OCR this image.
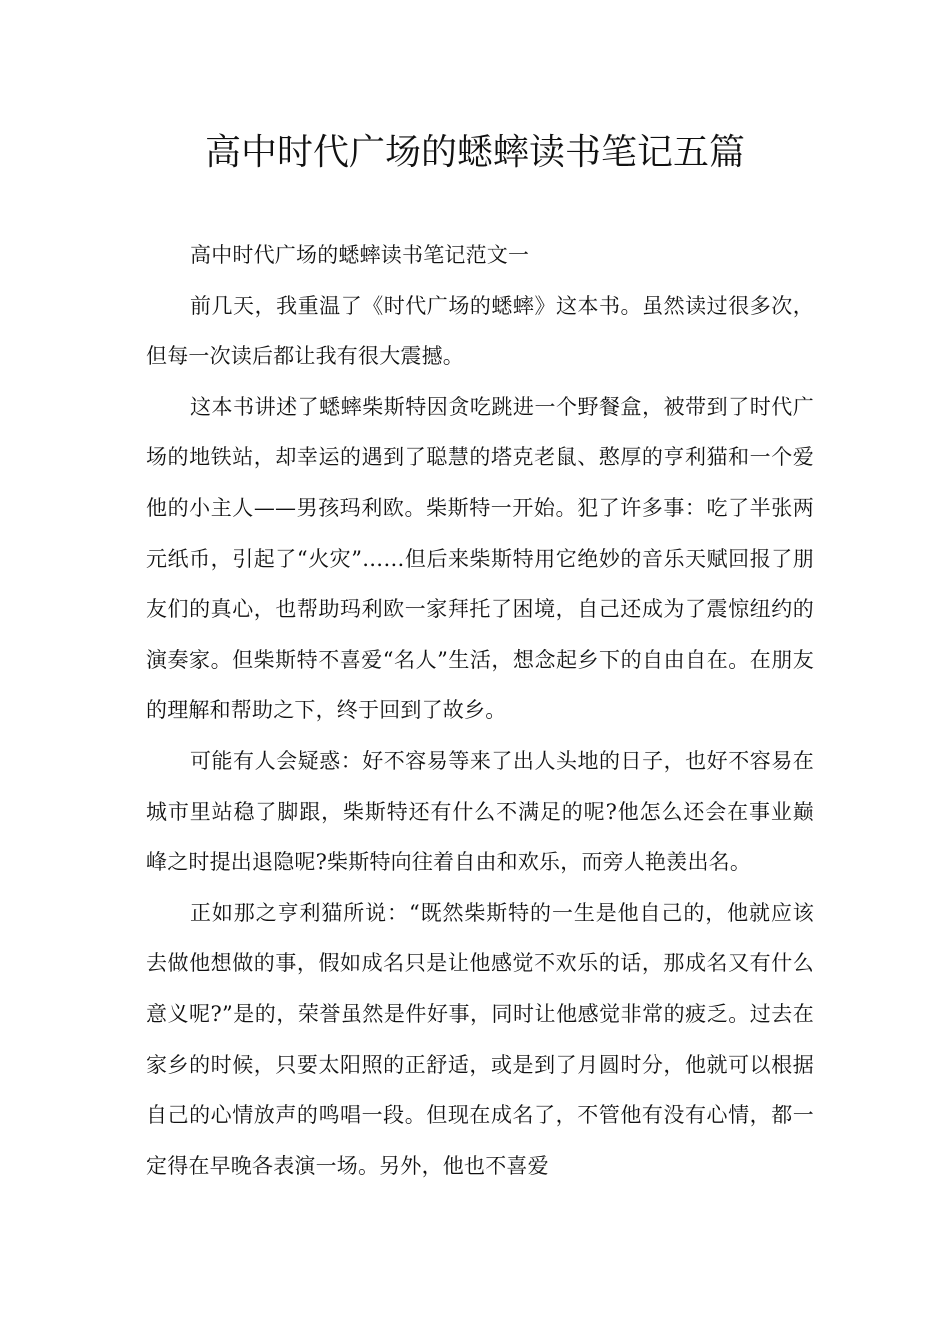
高中时代广场的蟋蟀读书笔记五篇

高中时代广场的蟋蟀读书笔记范文一

前几天，我重温了《时代广场的蟋蟀》这本书。虽然读过很多次，但每一次读后都让我有很大震撼。

这本书讲述了蟋蟀柴斯特因贪吃跳进一个野餐盒，被带到了时代广场的地铁站，却幸运的遇到了聪慧的塔克老鼠、憨厚的亨利猫和一个爱他的小主人——男孩玛利欧。柴斯特一开始。犯了许多事：吃了半张两元纸币，引起了“火灾”……但后来柴斯特用它绝妙的音乐天赋回报了朋友们的真心，也帮助玛利欧一家拜托了困境，自己还成为了震惊纽约的演奏家。但柴斯特不喜爱“名人”生活，想念起乡下的自由自在。在朋友的理解和帮助之下，终于回到了故乡。

可能有人会疑惑：好不容易等来了出人头地的日子，也好不容易在城市里站稳了脚跟，柴斯特还有什么不满足的呢?他怎么还会在事业巅峰之时提出退隐呢?柴斯特向往着自由和欢乐，而旁人艳羡出名。

正如那之亨利猫所说：“既然柴斯特的一生是他自己的，他就应该去做他想做的事，假如成名只是让他感觉不欢乐的话，那成名又有什么意义呢?”是的，荣誉虽然是件好事，同时让他感觉非常的疲乏。过去在家乡的时候，只要太阳照的正舒适，或是到了月圆时分，他就可以根据自己的心情放声的鸣唱一段。但现在成名了，不管他有没有心情，都一定得在早晚各表演一场。另外，他也不喜爱
